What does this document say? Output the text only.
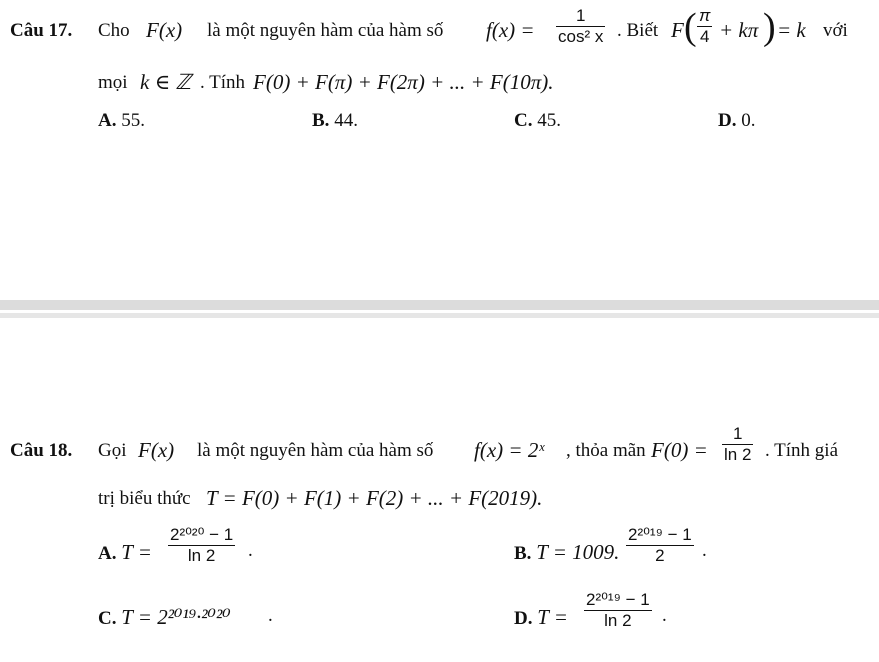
Câu 17. Cho F(x) là một nguyên hàm của hàm số $f(x) = \frac{1}{\text{cos² x}}$ . Biết F ( $\frac{\pi}{4} + k\pi$ ) = k với
mọi k ∈ ℤ . Tính F(0) + F(π) + F(2π) + ... + F(10π).
A. 55.	B. 44.	C. 45.	D. 0.
Câu 18. Gọi F(x) là một nguyên hàm của hàm số f(x) = 2ˣ , thỏa mãn $F(0) = \frac{1}{\ln 2}$ . Tính giá
trị biểu thức T = F(0) + F(1) + F(2) + ... + F(2019).
A. $T = \frac{\text{2²⁰²⁰ − 1}}{\ln 2}$ .	B. T = 1009. $\frac{\text{2²⁰¹⁹ − 1}}{2}$ .
C. T = 2²⁰¹⁹·²⁰²⁰ .	D. $T = \frac{\text{2²⁰¹⁹ − 1}}{\ln 2}$ .
